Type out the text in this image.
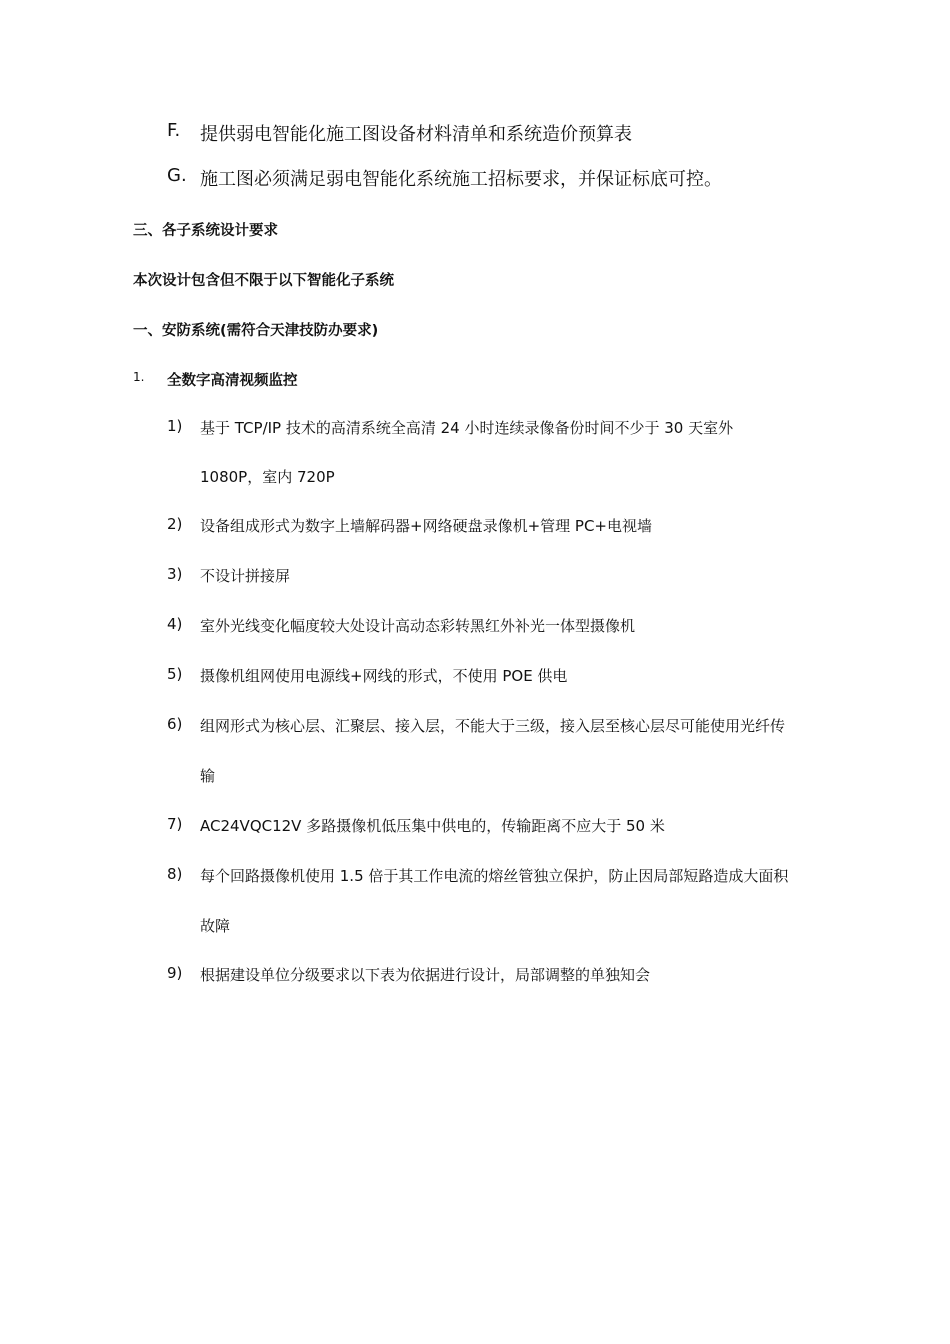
F. 提供弱电智能化施工图设备材料清单和系统造价预算表
G. 施工图必须满足弱电智能化系统施工招标要求，并保证标底可控。
三、各子系统设计要求
本次设计包含但不限于以下智能化子系统
一、安防系统(需符合天津技防办要求)
1. 全数字高清视频监控
1) 基于 TCP/IP 技术的高清系统全高清 24 小时连续录像备份时间不少于 30 天室外
1080P，室内 720P
2) 设备组成形式为数字上墙解码器+网络硬盘录像机+管理 PC+电视墙
3) 不设计拼接屏
4) 室外光线变化幅度较大处设计高动态彩转黑红外补光一体型摄像机
5) 摄像机组网使用电源线+网线的形式，不使用 POE 供电
6) 组网形式为核心层、汇聚层、接入层，不能大于三级，接入层至核心层尽可能使用光纤传
输
7) AC24VQC12V 多路摄像机低压集中供电的，传输距离不应大于 50 米
8) 每个回路摄像机使用 1.5 倍于其工作电流的熔丝管独立保护，防止因局部短路造成大面积
故障
9) 根据建设单位分级要求以下表为依据进行设计，局部调整的单独知会
